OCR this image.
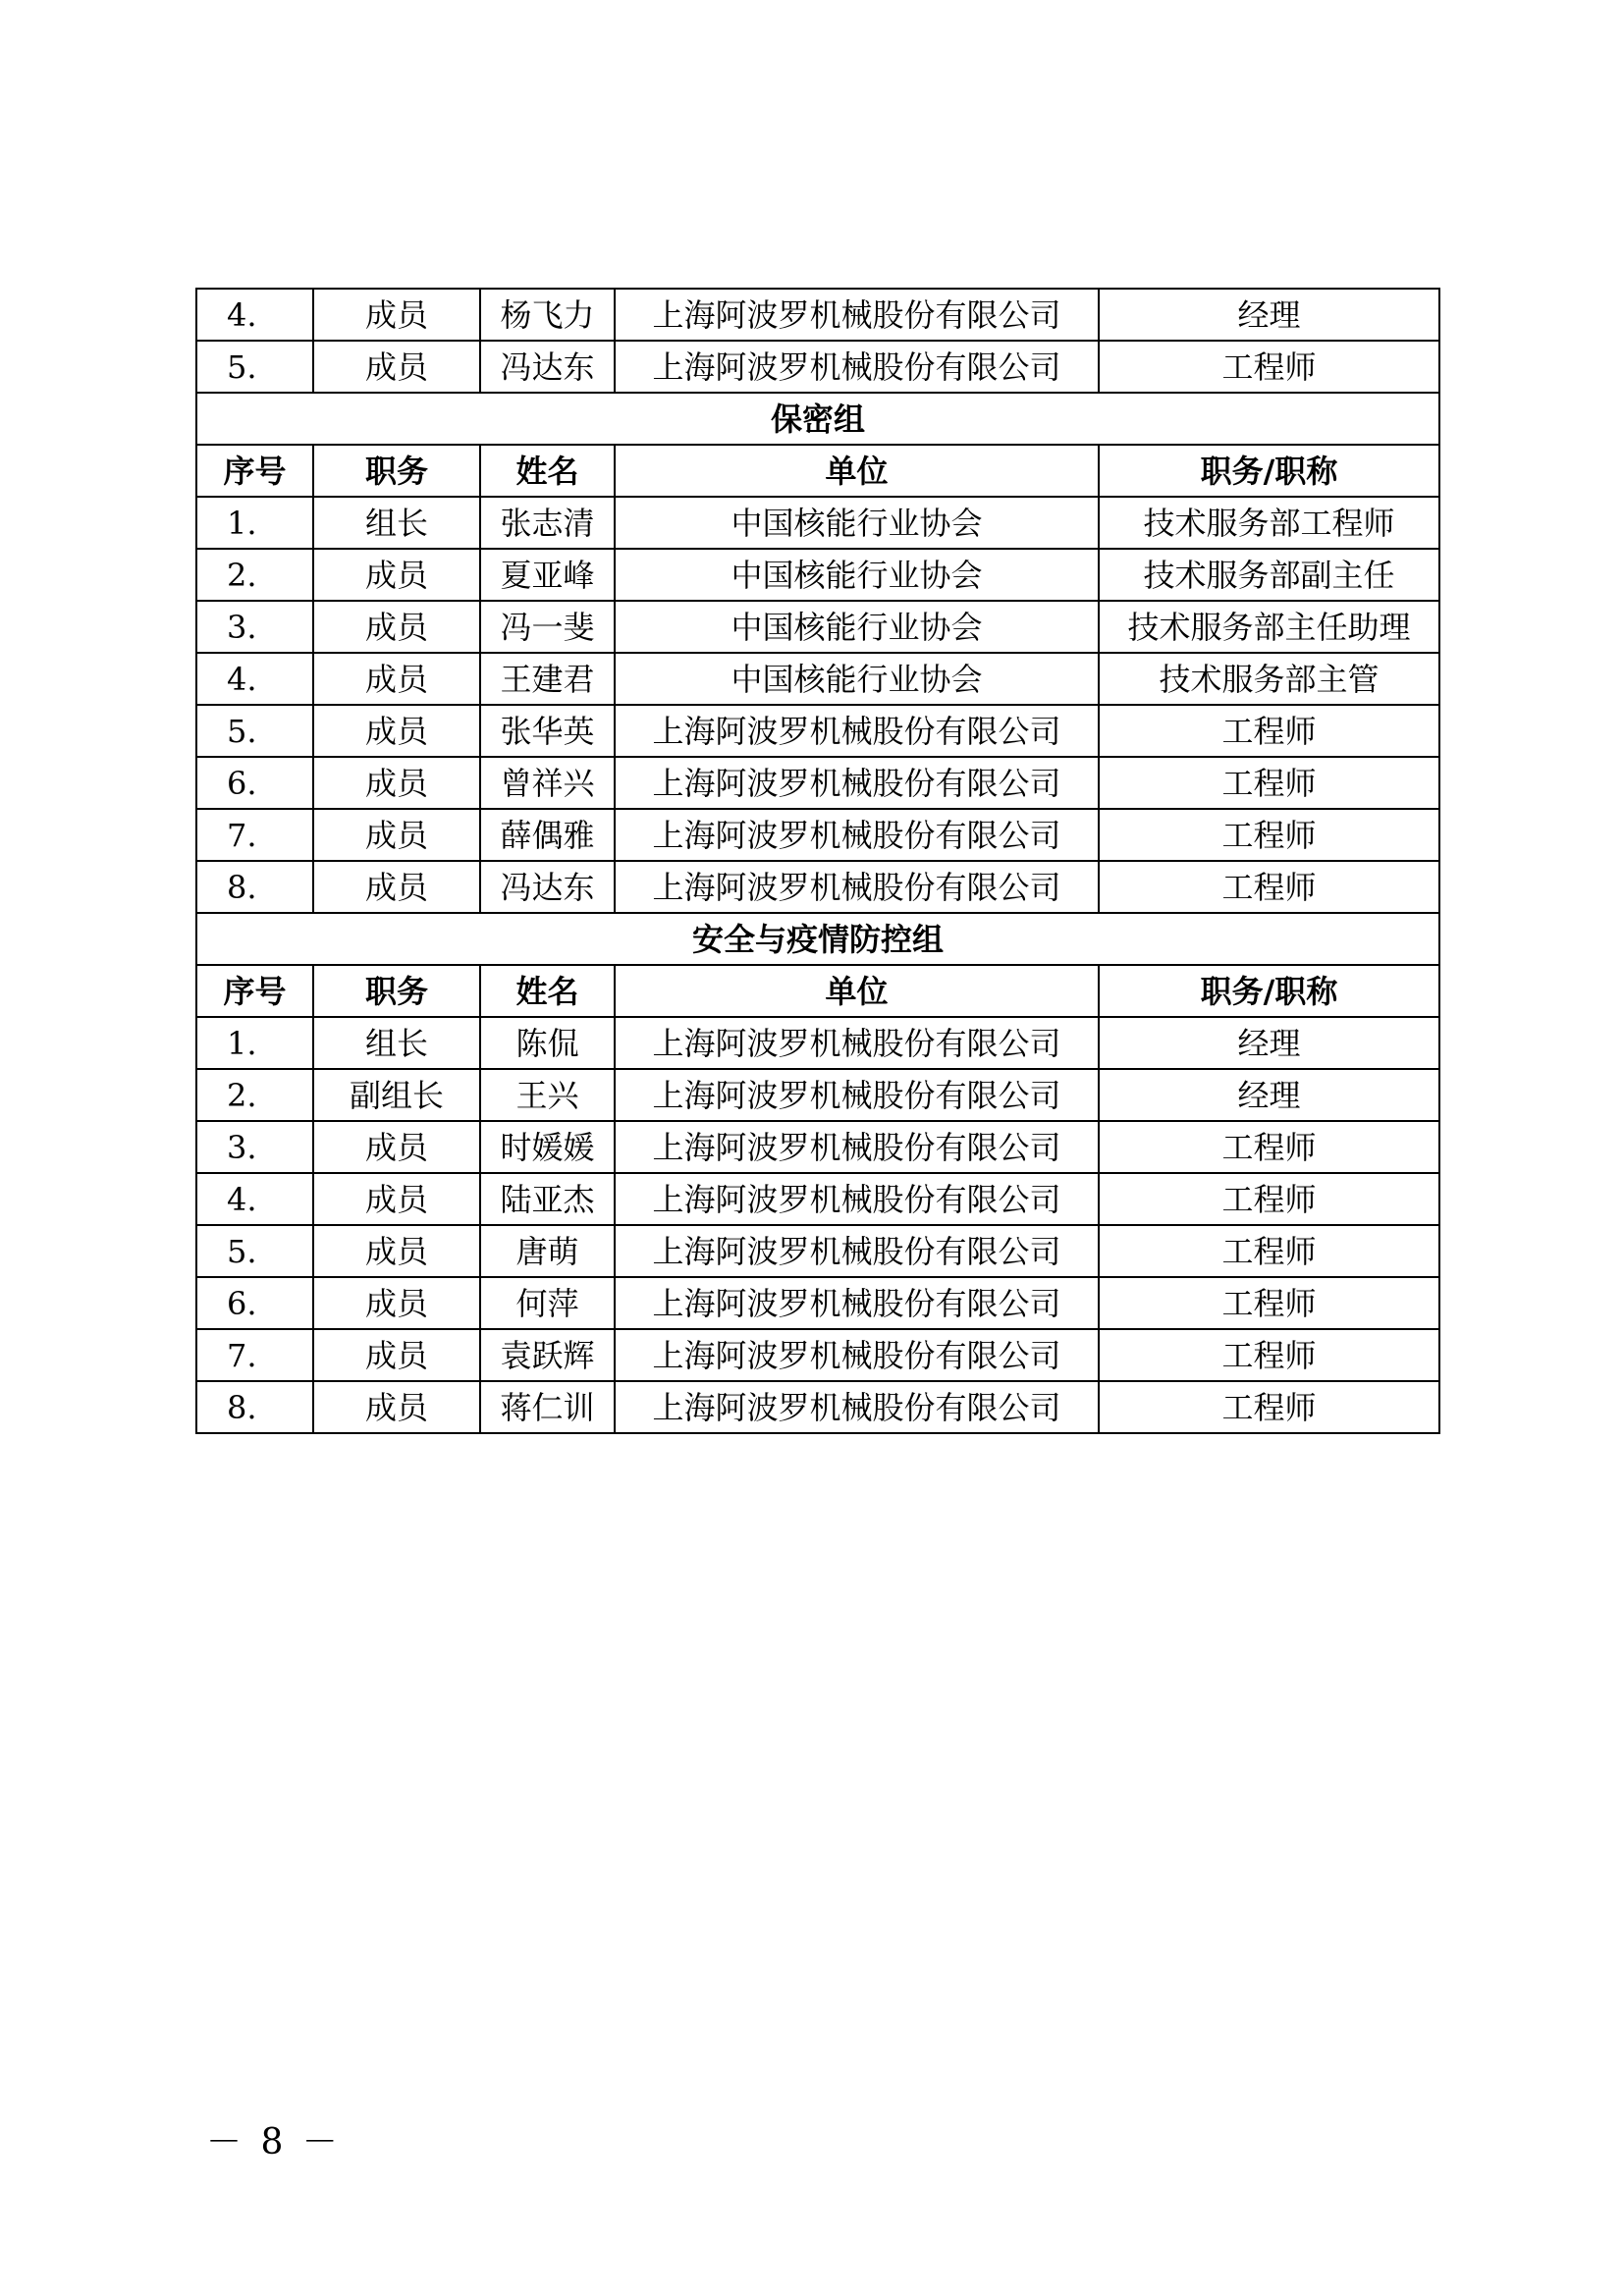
4.	成员	杨飞力	上海阿波罗机械股份有限公司	经理
5.	成员	冯达东	上海阿波罗机械股份有限公司	工程师
保密组				
序号	职务	姓名	单位	职务/职称
1.	组长	张志清	中国核能行业协会	技术服务部工程师
2.	成员	夏亚峰	中国核能行业协会	技术服务部副主任
3.	成员	冯一斐	中国核能行业协会	技术服务部主任助理
4.	成员	王建君	中国核能行业协会	技术服务部主管
5.	成员	张华英	上海阿波罗机械股份有限公司	工程师
6.	成员	曾祥兴	上海阿波罗机械股份有限公司	工程师
7.	成员	薛偶雅	上海阿波罗机械股份有限公司	工程师
8.	成员	冯达东	上海阿波罗机械股份有限公司	工程师
安全与疫情防控组				
序号	职务	姓名	单位	职务/职称
1.	组长	陈侃	上海阿波罗机械股份有限公司	经理
2.	副组长	王兴	上海阿波罗机械股份有限公司	经理
3.	成员	时媛媛	上海阿波罗机械股份有限公司	工程师
4.	成员	陆亚杰	上海阿波罗机械股份有限公司	工程师
5.	成员	唐萌	上海阿波罗机械股份有限公司	工程师
6.	成员	何萍	上海阿波罗机械股份有限公司	工程师
7.	成员	袁跃辉	上海阿波罗机械股份有限公司	工程师
8.	成员	蒋仁训	上海阿波罗机械股份有限公司	工程师
－ 8 －
